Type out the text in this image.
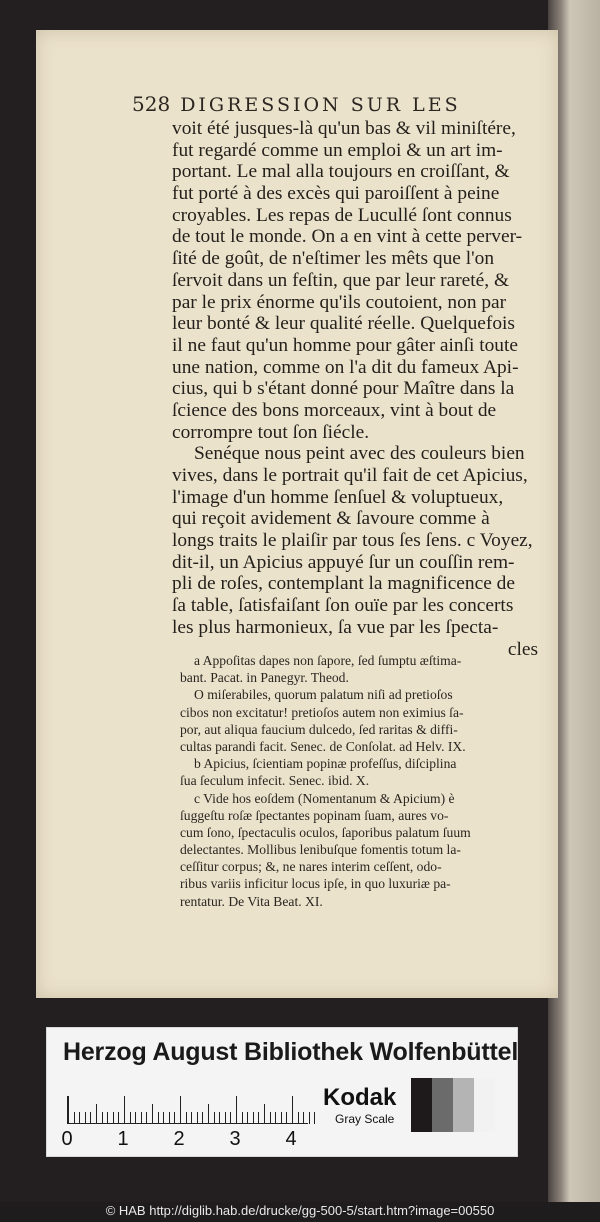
528 DIGRESSION SUR LES
voit été jusques-là qu'un bas & vil miniſtére,
fut regardé comme un emploi & un art im-
portant. Le mal alla toujours en croiſſant, &
fut porté à des excès qui paroiſſent à peine
croyables. Les repas de Lucullé ſont connus
de tout le monde. On a en vint à cette perver-
ſité de goût, de n'eſtimer les mêts que l'on
ſervoit dans un feſtin, que par leur rareté, &
par le prix énorme qu'ils coutoient, non par
leur bonté & leur qualité réelle. Quelquefois
il ne faut qu'un homme pour gâter ainſi toute
une nation, comme on l'a dit du fameux Api-
cius, qui b s'étant donné pour Maître dans la
ſcience des bons morceaux, vint à bout de
corrompre tout ſon ſiécle.
Senéque nous peint avec des couleurs bien
vives, dans le portrait qu'il fait de cet Apicius,
l'image d'un homme ſenſuel & voluptueux,
qui reçoit avidement & ſavoure comme à
longs traits le plaiſir par tous ſes ſens. c Voyez,
dit-il, un Apicius appuyé ſur un couſſin rem-
pli de roſes, contemplant la magnificence de
ſa table, ſatisfaiſant ſon ouïe par les concerts
les plus harmonieux, ſa vue par les ſpecta-
cles
a Appoſitas dapes non ſapore, ſed ſumptu æſtima-
bant. Pacat. in Panegyr. Theod.
O miſerabiles, quorum palatum niſi ad pretioſos
cibos non excitatur! pretioſos autem non eximius ſa-
por, aut aliqua faucium dulcedo, ſed raritas & diffi-
cultas parandi facit. Senec. de Conſolat. ad Helv. IX.
b Apicius, ſcientiam popinæ profeſſus, diſciplina
ſua ſeculum infecit. Senec. ibid. X.
c Vide hos eoſdem (Nomentanum & Apicium) è
ſuggeſtu roſæ ſpectantes popinam ſuam, aures vo-
cum ſono, ſpectaculis oculos, ſaporibus palatum ſuum
delectantes. Mollibus lenibuſque fomentis totum la-
ceſſitur corpus; &, ne nares interim ceſſent, odo-
ribus variis inficitur locus ipſe, in quo luxuriæ pa-
rentatur. De Vita Beat. XI.
Herzog August Bibliothek Wolfenbüttel
0 1 2 3 4
Kodak
Gray Scale
© HAB http://diglib.hab.de/drucke/gg-500-5/start.htm?image=00550
